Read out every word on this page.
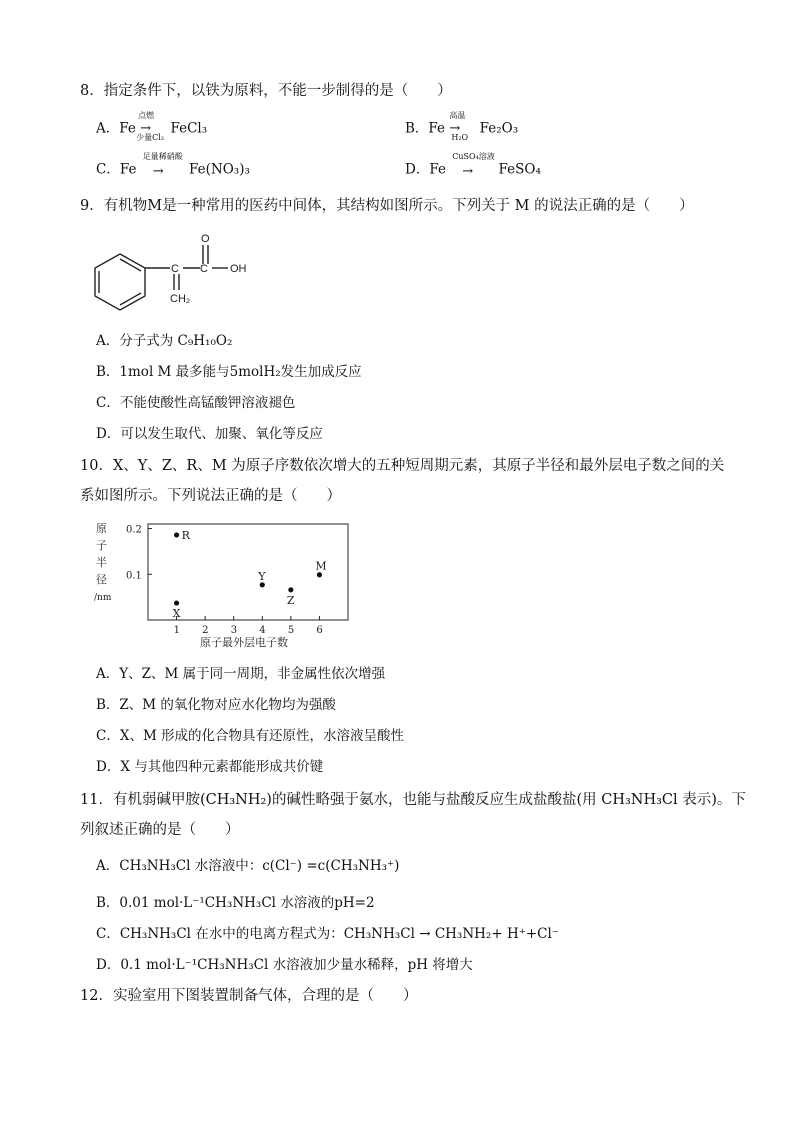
8．指定条件下，以铁为原料，不能一步制得的是（　　）
A．Fe
点燃
→
少量Cl₂
FeCl₃	B．Fe
高温
→
H₂O
Fe₂O₃
C．Fe
足量稀硝酸
→ Fe(NO₃)₃	D．Fe
CuSO₄溶液
→ FeSO₄
9．有机物M是一种常用的医药中间体，其结构如图所示。下列关于 M 的说法正确的是（　　）
C C
O
OH
CH₂
A．分子式为 C₉H₁₀O₂
B．1mol M 最多能与5molH₂发生加成反应
C．不能使酸性高锰酸钾溶液褪色
D．可以发生取代、加聚、氧化等反应
10．X、Y、Z、R、M 为原子序数依次增大的五种短周期元素，其原子半径和最外层电子数之间的关
系如图所示。下列说法正确的是（　　）
原
子
半
径
/nm
0.1
0.2
1 2 3 4 5 6
X
R
Y
Z
M
原子最外层电子数
A．Y、Z、M 属于同一周期，非金属性依次增强
B．Z、M 的氧化物对应水化物均为强酸
C．X、M 形成的化合物具有还原性，水溶液呈酸性
D．X 与其他四种元素都能形成共价键
11．有机弱碱甲胺(CH₃NH₂)的碱性略强于氨水，也能与盐酸反应生成盐酸盐(用 CH₃NH₃Cl 表示)。下
列叙述正确的是（　　）
A．CH₃NH₃Cl 水溶液中：c(Cl⁻) =c(CH₃NH₃⁺)
B．0.01 mol·L⁻¹CH₃NH₃Cl 水溶液的pH=2
C．CH₃NH₃Cl 在水中的电离方程式为：CH₃NH₃Cl → CH₃NH₂+ H⁺+Cl⁻
D．0.1 mol·L⁻¹CH₃NH₃Cl 水溶液加少量水稀释，pH 将增大
12．实验室用下图装置制备气体，合理的是（　　）
